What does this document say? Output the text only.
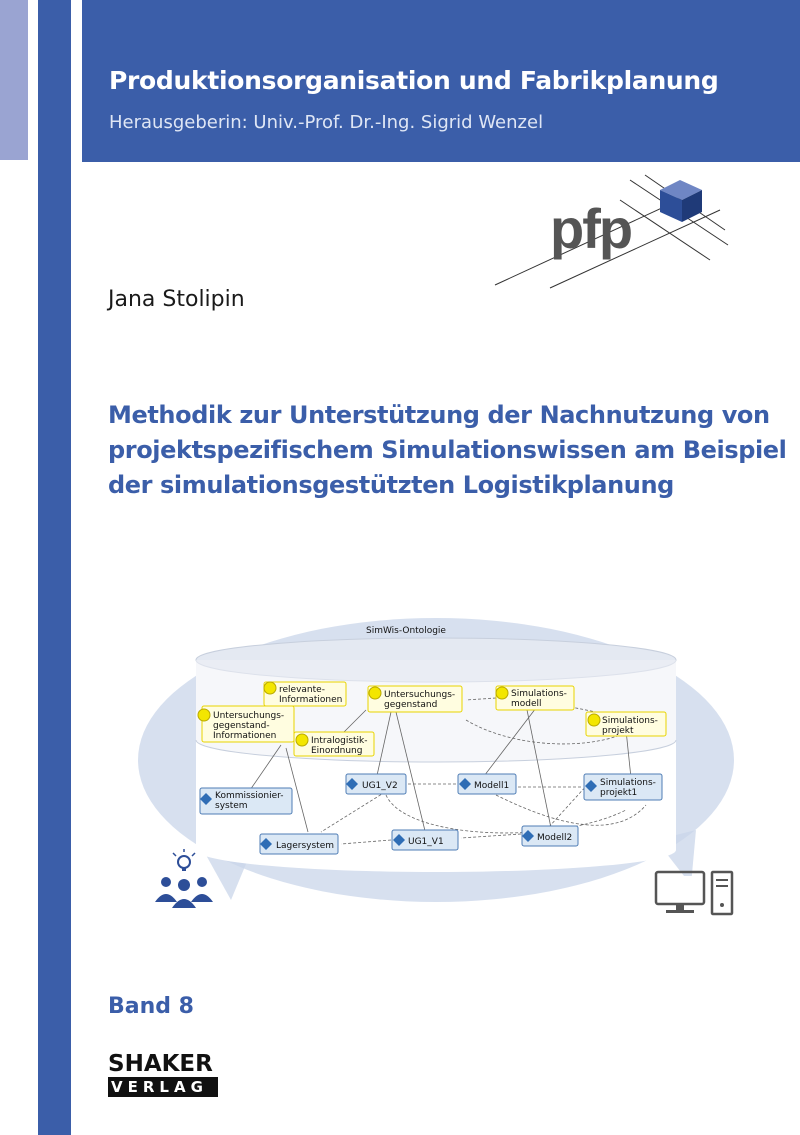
Produktionsorganisation und Fabrikplanung
Herausgeberin: Univ.-Prof. Dr.-Ing. Sigrid Wenzel
pfp
Jana Stolipin
Methodik zur Unterstützung der Nachnutzung von
projektspezifischem Simulationswissen am Beispiel
der simulationsgestützten Logistikplanung
SimWis-Ontologie
relevante-
Informationen
Untersuchungs-
gegenstand-
Informationen	Intralogistik-
Einordnung
Untersuchungs-
gegenstand
Simulations-
modell
Simulations-
projekt
Kommissionier-
system
UG1_V2	Modell1	Simulations-
projekt1
Lagersystem	UG1_V1	Modell2
Band 8
SHAKER
VERLAG
